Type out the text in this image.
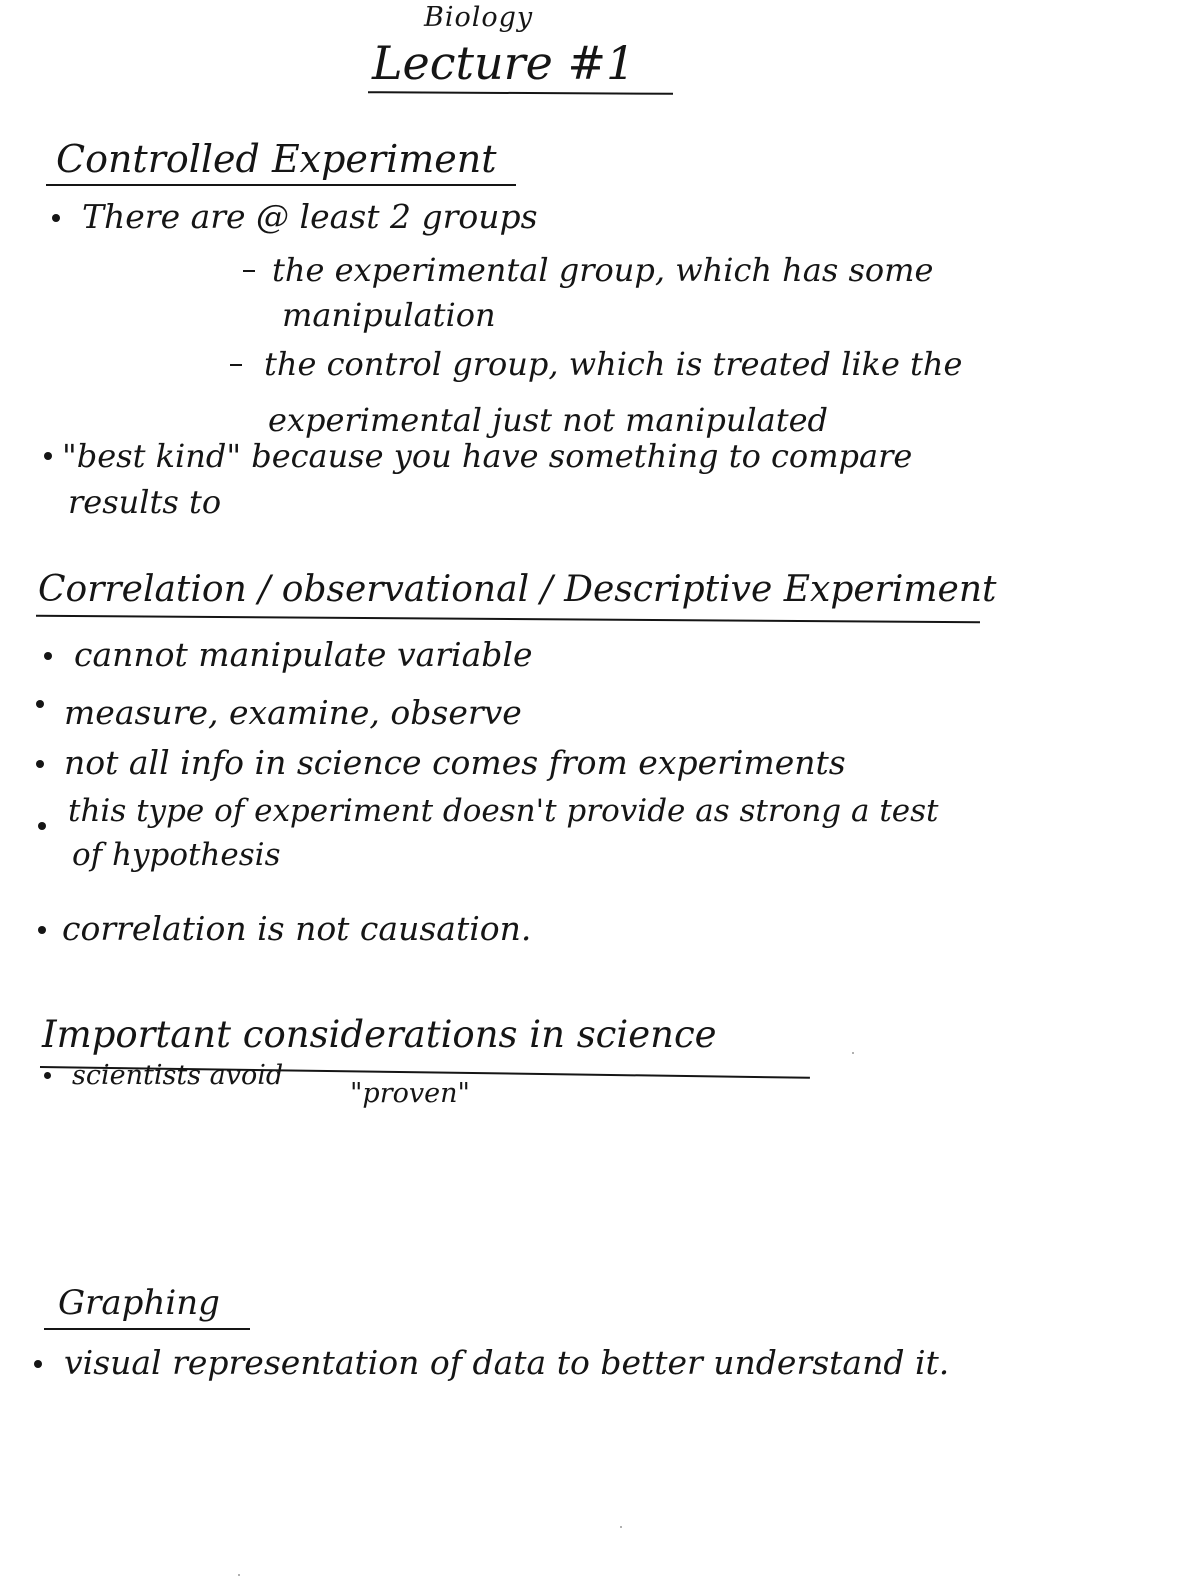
Biology
Lecture #1
Controlled Experiment
There are @ least 2 groups
the experimental group, which has some
manipulation
the control group, which is treated like the
experimental just not manipulated
"best kind" because you have something to compare
results to
Correlation / observational / Descriptive Experiment
cannot manipulate variable
measure, examine, observe
not all info in science comes from experiments
this type of experiment doesn't provide as strong a test
of hypothesis
correlation is not causation.
Important considerations in science
scientists avoid
"proven"
Graphing
visual representation of data to better understand it.
